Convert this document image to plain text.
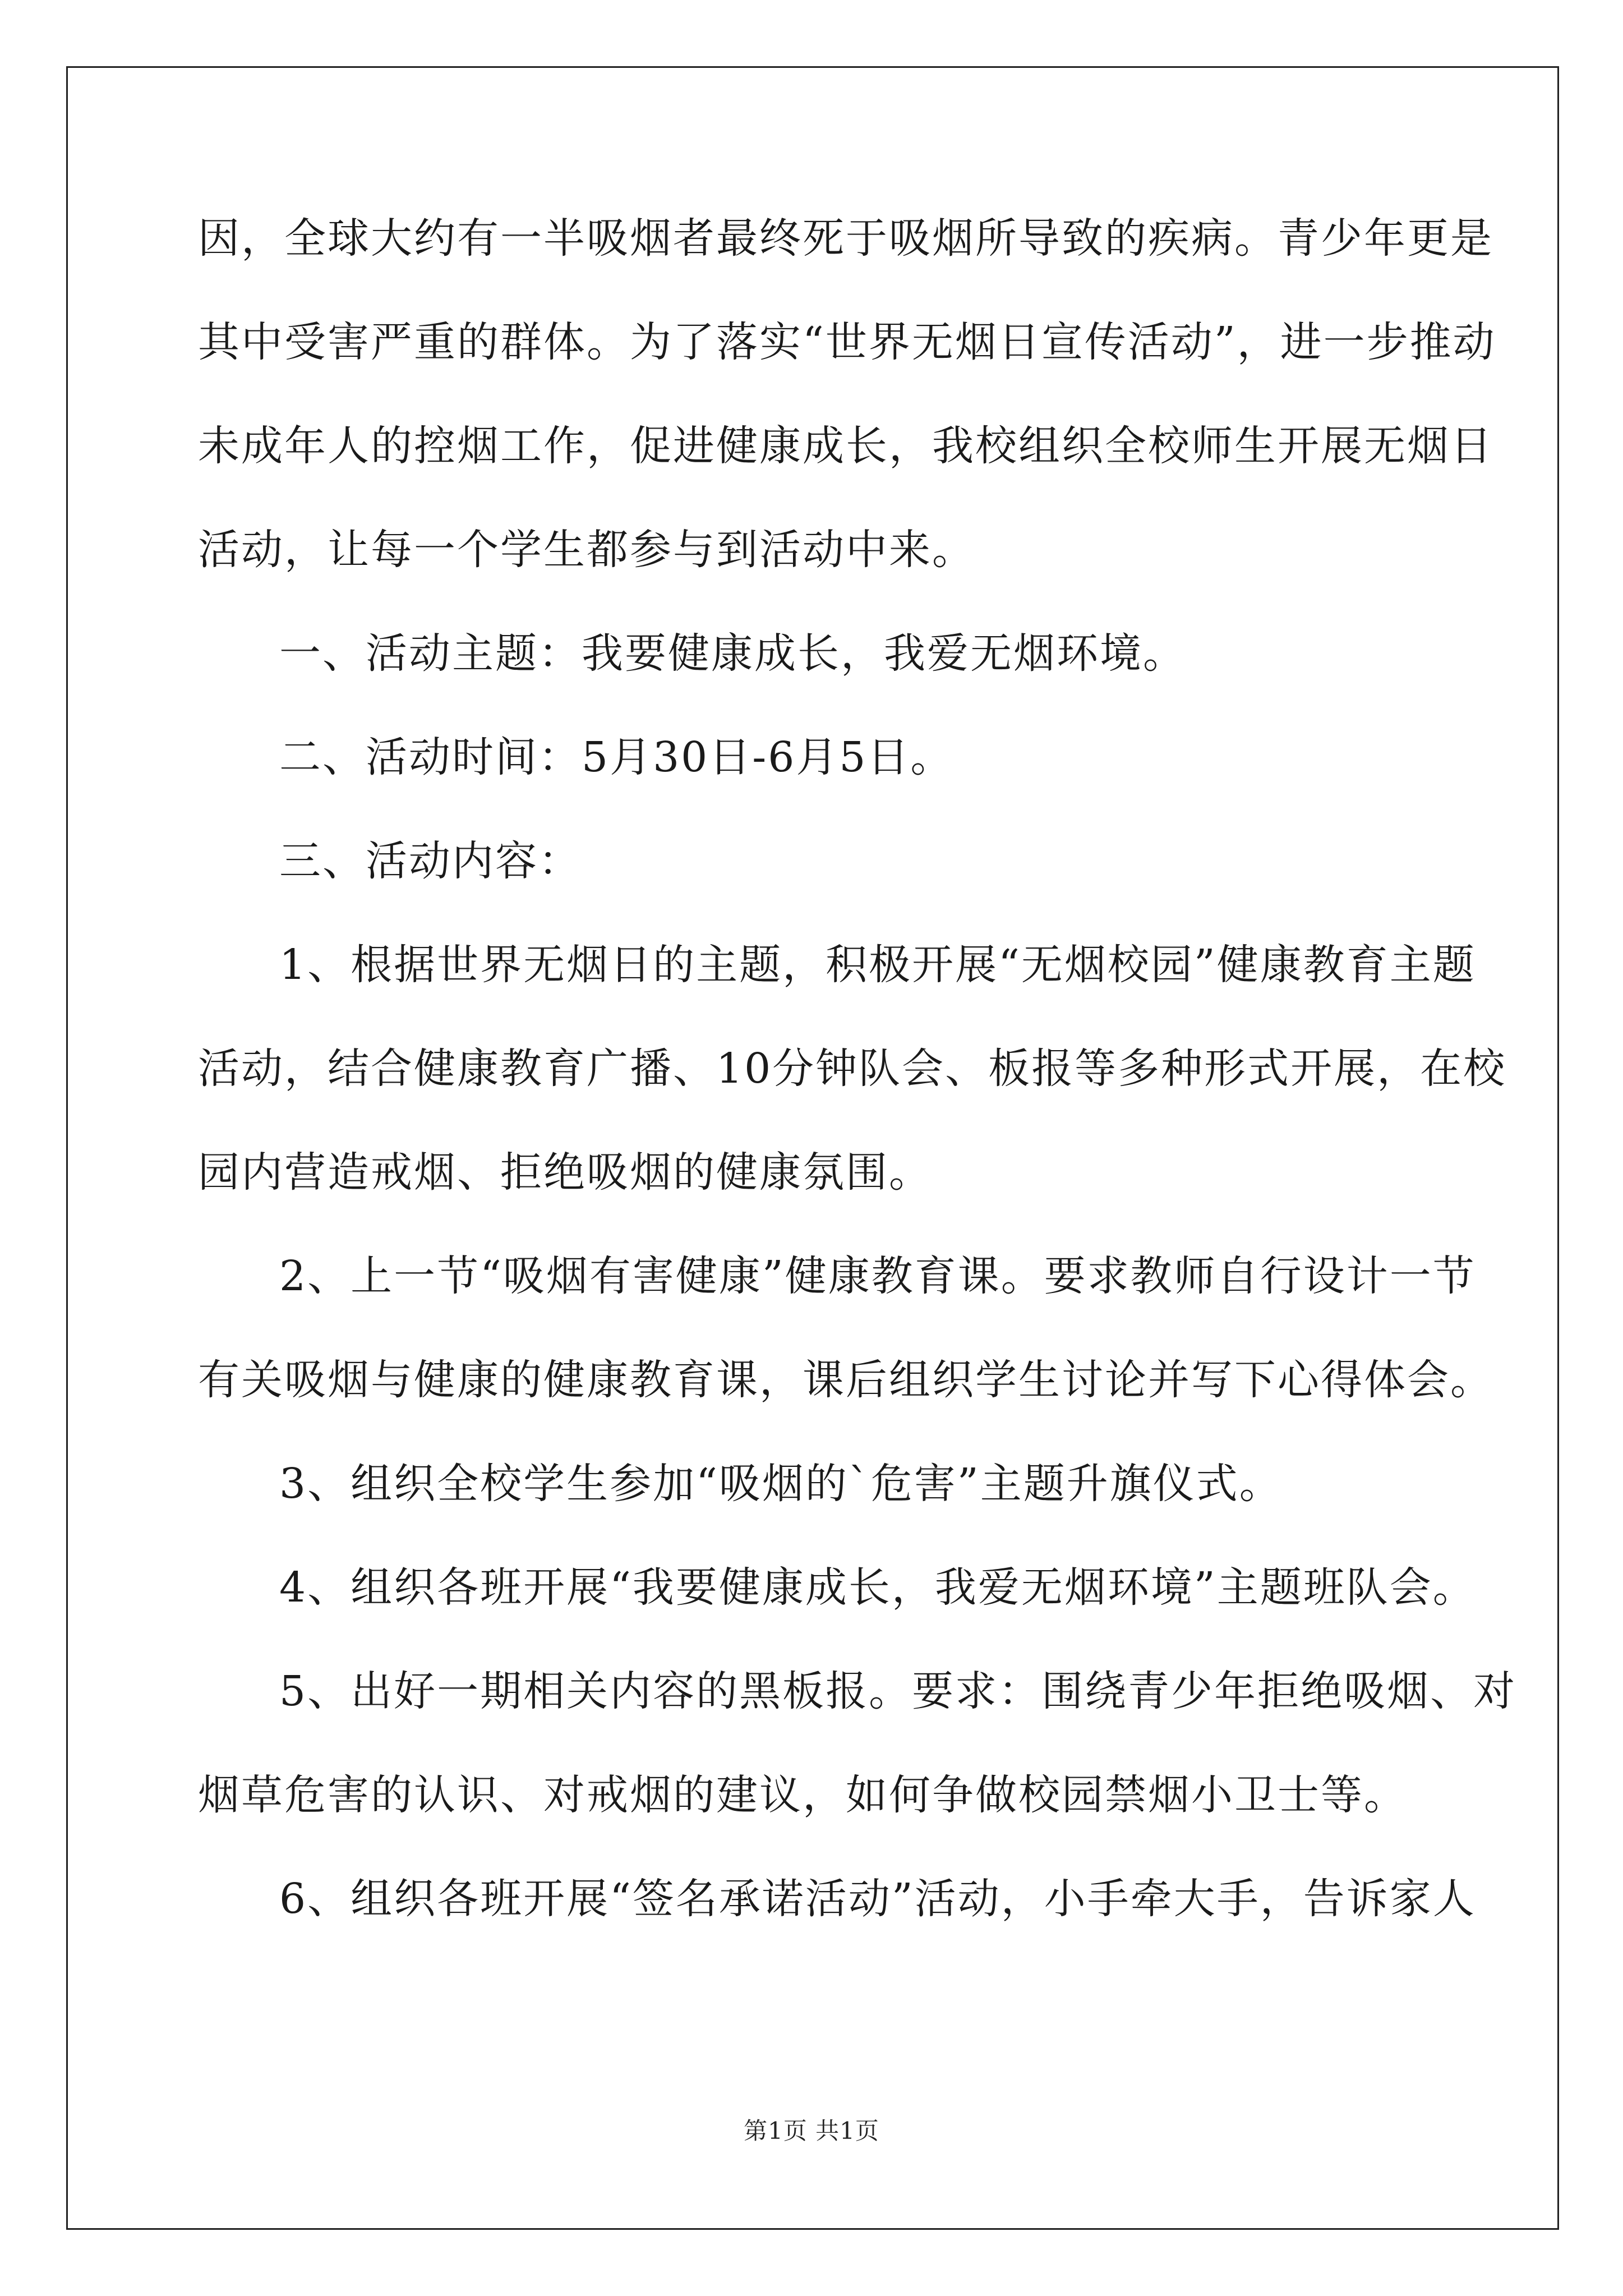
因，全球大约有一半吸烟者最终死于吸烟所导致的疾病。青少年更是
其中受害严重的群体。为了落实“世界无烟日宣传活动”，进一步推动
未成年人的控烟工作，促进健康成长，我校组织全校师生开展无烟日
活动，让每一个学生都参与到活动中来。
一、活动主题：我要健康成长，我爱无烟环境。
二、活动时间：5月30日-6月5日。
三、活动内容：
1、根据世界无烟日的主题，积极开展“无烟校园”健康教育主题
活动，结合健康教育广播、10分钟队会、板报等多种形式开展，在校
园内营造戒烟、拒绝吸烟的健康氛围。
2、上一节“吸烟有害健康”健康教育课。要求教师自行设计一节
有关吸烟与健康的健康教育课，课后组织学生讨论并写下心得体会。
3、组织全校学生参加“吸烟的`危害”主题升旗仪式。
4、组织各班开展“我要健康成长，我爱无烟环境”主题班队会。
5、出好一期相关内容的黑板报。要求：围绕青少年拒绝吸烟、对
烟草危害的认识、对戒烟的建议，如何争做校园禁烟小卫士等。
6、组织各班开展“签名承诺活动”活动，小手牵大手，告诉家人
第1页 共1页
